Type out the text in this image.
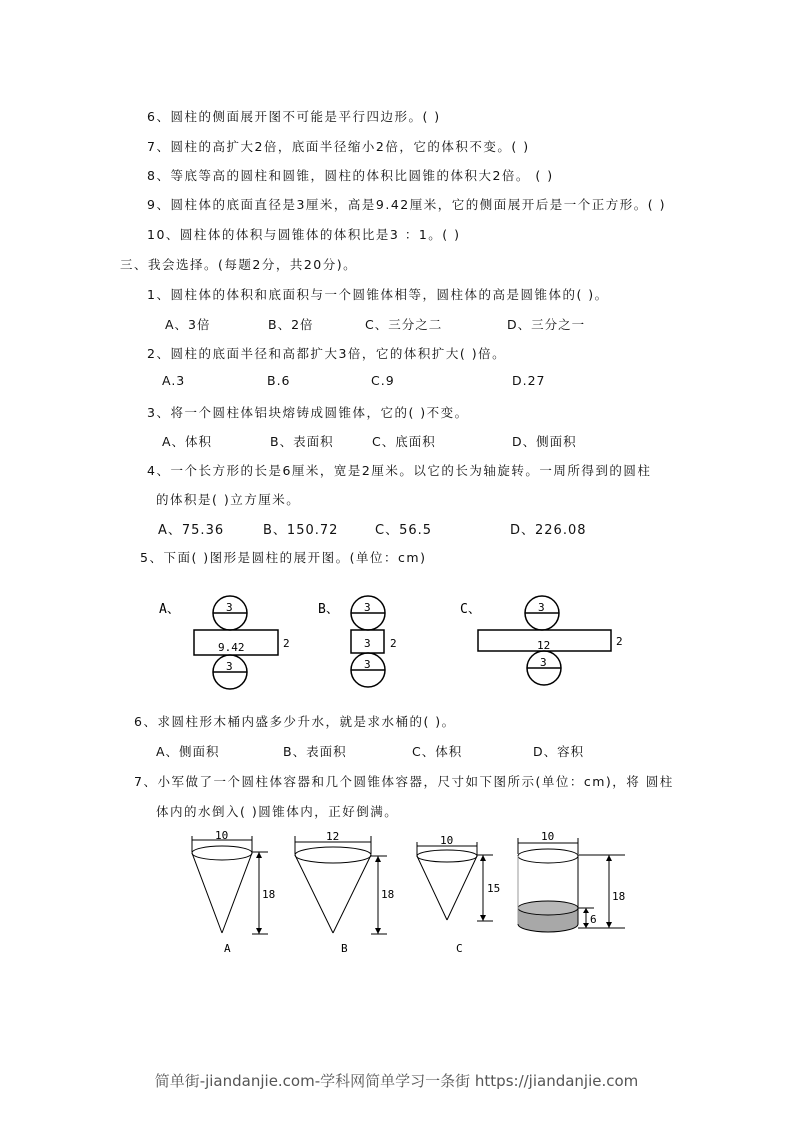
6、圆柱的侧面展开图不可能是平行四边形。( )
7、圆柱的高扩大2倍，底面半径缩小2倍，它的体积不变。( )
8、等底等高的圆柱和圆锥，圆柱的体积比圆锥的体积大2倍。 ( )
9、圆柱体的底面直径是3厘米，高是9.42厘米，它的侧面展开后是一个正方形。( )
10、圆柱体的体积与圆锥体的体积比是3 ：1。( )
三、我会选择。(每题2分，共20分)。
1、圆柱体的体积和底面积与一个圆锥体相等，圆柱体的高是圆锥体的( )。
A、3倍	B、2倍	C、三分之二	D、三分之一
2、圆柱的底面半径和高都扩大3倍，它的体积扩大( )倍。
A.3	B.6	C.9	D.27
3、将一个圆柱体铝块熔铸成圆锥体，它的( )不变。
A、体积	B、表面积	C、底面积	D、侧面积
4、一个长方形的长是6厘米，宽是2厘米。以它的长为轴旋转。一周所得到的圆柱
的体积是( )立方厘米。
A、75.36	B、150.72	C、56.5	D、226.08
5、下面( )图形是圆柱的展开图。(单位：cm)
A、	3
9.42	2
3
B、 3
3 2
3
C、	3
12	2
3
6、求圆柱形木桶内盛多少升水，就是求水桶的( )。
A、侧面积	B、表面积	C、体积	D、容积
7、小军做了一个圆柱体容器和几个圆锥体容器，尺寸如下图所示(单位：cm)，将 圆柱
体内的水倒入( )圆锥体内，正好倒满。
10
18
A
12
18
B
10
15
C
10
18
6
简单街-jiandanjie.com-学科网简单学习一条街 https://jiandanjie.com
